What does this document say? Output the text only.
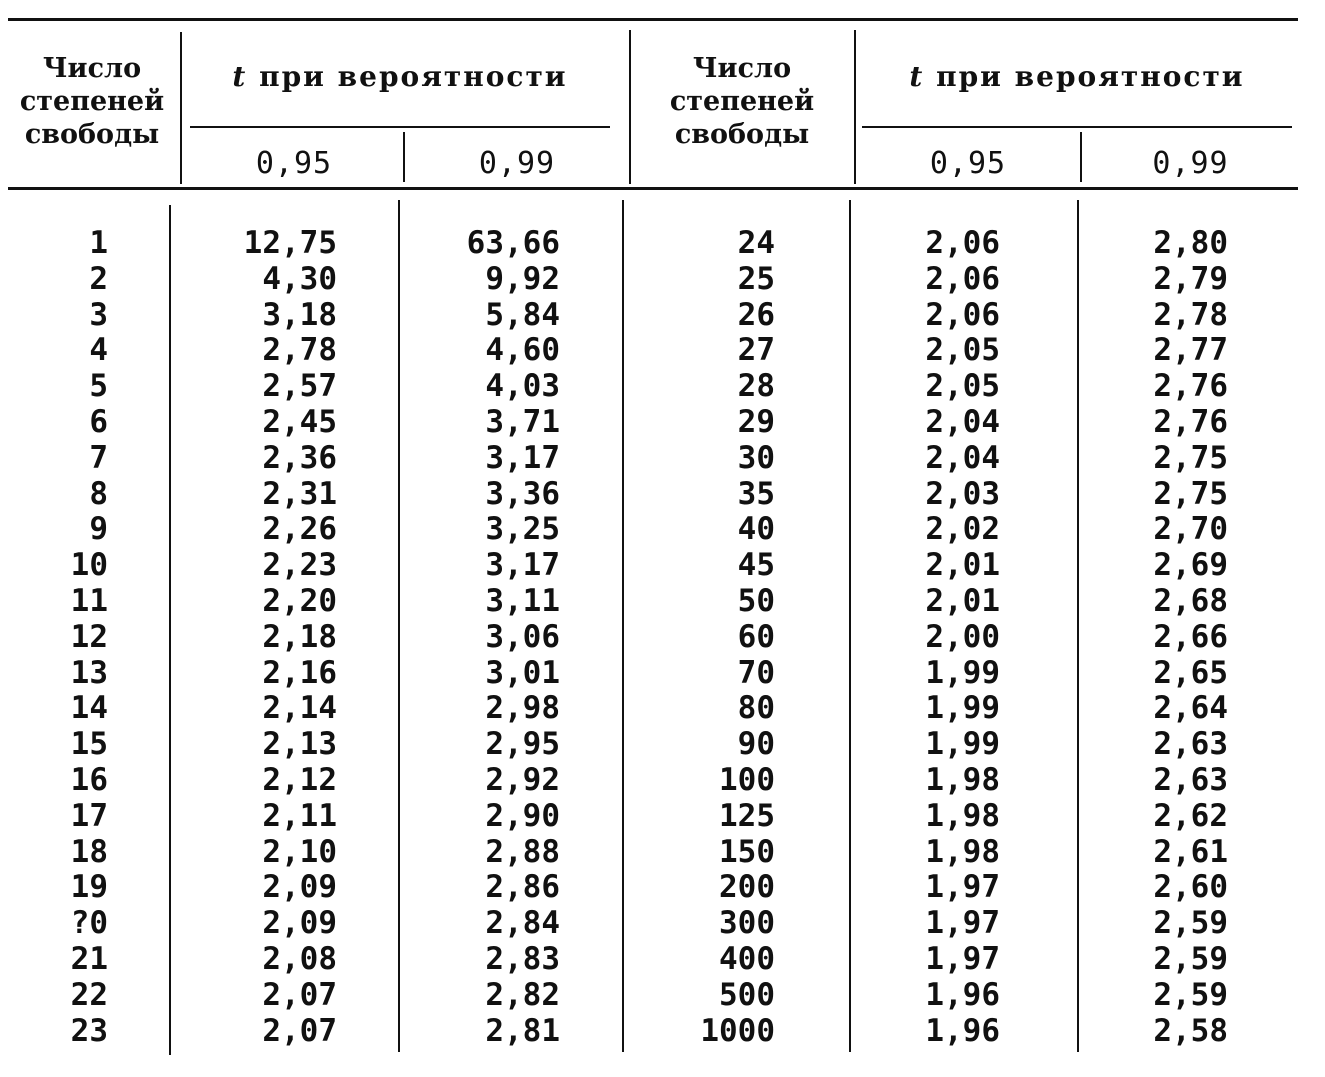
Число
степеней
свободы
t при вероятности
0,95	0,99
Число
степеней
свободы
t при вероятности
0,95	0,99
1
2
3
4
5
6
7
8
9
10
11
12
13
14
15
16
17
18
19
?0
21
22
23
12,75
4,30
3,18
2,78
2,57
2,45
2,36
2,31
2,26
2,23
2,20
2,18
2,16
2,14
2,13
2,12
2,11
2,10
2,09
2,09
2,08
2,07
2,07
63,66
9,92
5,84
4,60
4,03
3,71
3,17
3,36
3,25
3,17
3,11
3,06
3,01
2,98
2,95
2,92
2,90
2,88
2,86
2,84
2,83
2,82
2,81
24
25
26
27
28
29
30
35
40
45
50
60
70
80
90
100
125
150
200
300
400
500
1000
2,06
2,06
2,06
2,05
2,05
2,04
2,04
2,03
2,02
2,01
2,01
2,00
1,99
1,99
1,99
1,98
1,98
1,98
1,97
1,97
1,97
1,96
1,96
2,80
2,79
2,78
2,77
2,76
2,76
2,75
2,75
2,70
2,69
2,68
2,66
2,65
2,64
2,63
2,63
2,62
2,61
2,60
2,59
2,59
2,59
2,58
